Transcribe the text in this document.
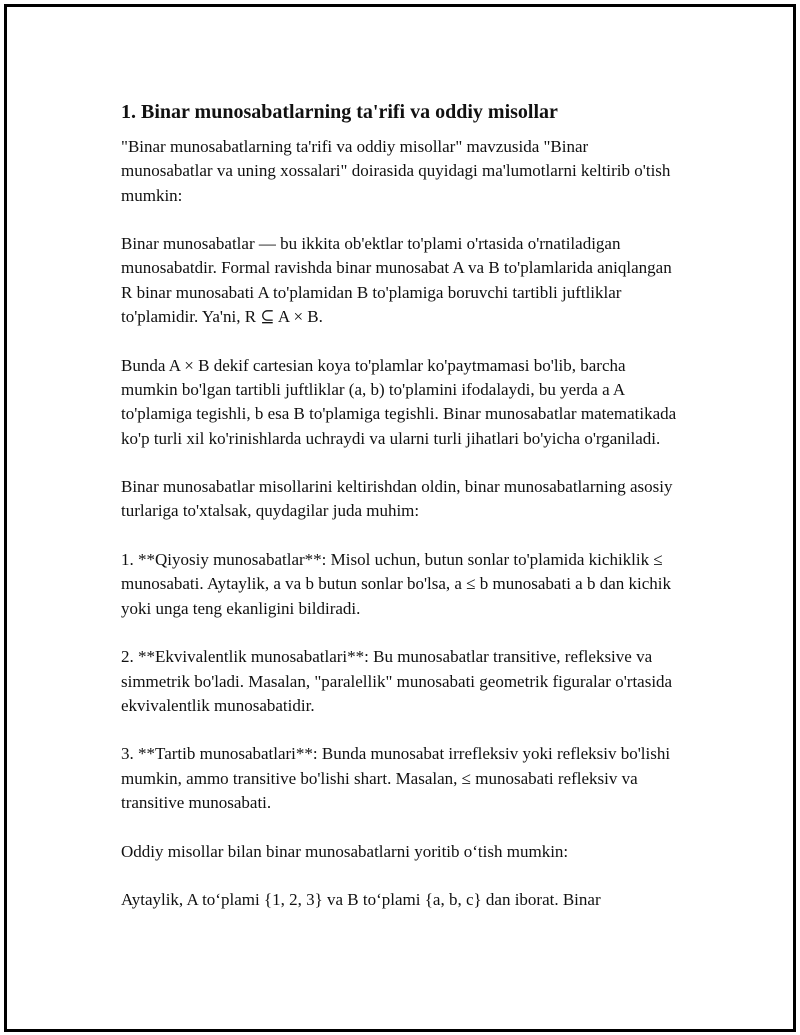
1. Binar munosabatlarning ta'rifi va oddiy misollar

"Binar munosabatlarning ta'rifi va oddiy misollar" mavzusida "Binar munosabatlar va uning xossalari" doirasida quyidagi ma'lumotlarni keltirib o'tish mumkin:

Binar munosabatlar — bu ikkita ob'ektlar to'plami o'rtasida o'rnatiladigan munosabatdir. Formal ravishda binar munosabat A va B to'plamlarida aniqlangan R binar munosabati A to'plamidan B to'plamiga boruvchi tartibli juftliklar to'plamidir. Ya'ni, R ⊆ A × B.

Bunda A × B dekif cartesian koya to'plamlar ko'paytmamasi bo'lib, barcha mumkin bo'lgan tartibli juftliklar (a, b) to'plamini ifodalaydi, bu yerda a A to'plamiga tegishli, b esa B to'plamiga tegishli. Binar munosabatlar matematikada ko'p turli xil ko'rinishlarda uchraydi va ularni turli jihatlari bo'yicha o'rganiladi.

Binar munosabatlar misollarini keltirishdan oldin, binar munosabatlarning asosiy turlariga to'xtalsak, quydagilar juda muhim:

1. **Qiyosiy munosabatlar**: Misol uchun, butun sonlar to'plamida kichiklik ≤ munosabati. Aytaylik, a va b butun sonlar bo'lsa, a ≤ b munosabati a b dan kichik yoki unga teng ekanligini bildiradi.

2. **Ekvivalentlik munosabatlari**: Bu munosabatlar transitive, refleksive va simmetrik bo'ladi. Masalan, "paralellik" munosabati geometrik figuralar o'rtasida ekvivalentlik munosabatidir.

3. **Tartib munosabatlari**: Bunda munosabat irrefleksiv yoki refleksiv bo'lishi mumkin, ammo transitive bo'lishi shart. Masalan, ≤ munosabati refleksiv va transitive munosabati.

Oddiy misollar bilan binar munosabatlarni yoritib o‘tish mumkin:

Aytaylik, A to‘plami {1, 2, 3} va B to‘plami {a, b, c} dan iborat. Binar
